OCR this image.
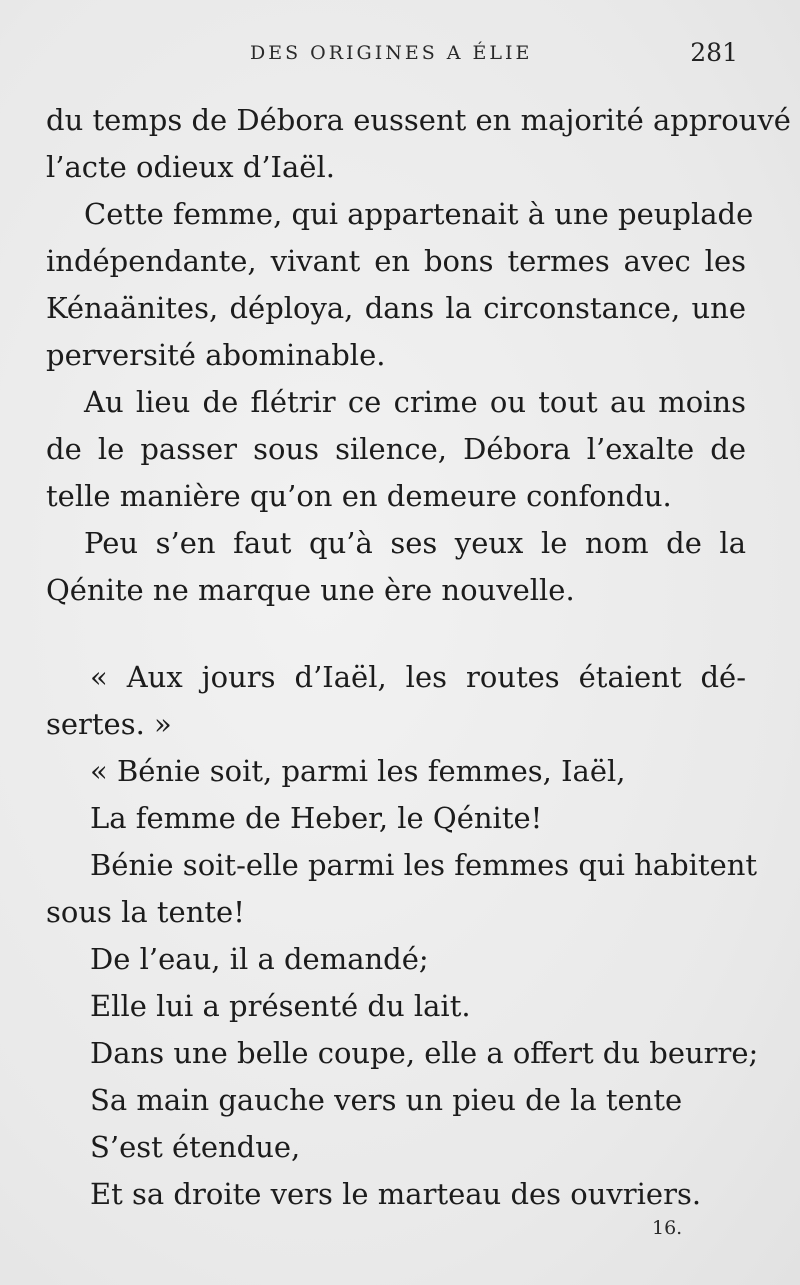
DES ORIGINES A ÉLIE	281
du temps de Débora eussent en majorité approuvé
l’acte odieux d’Iaël.
Cette femme, qui appartenait à une peuplade
indépendante, vivant en bons termes avec les
Kénaänites, déploya, dans la circonstance, une
perversité abominable.
Au lieu de flétrir ce crime ou tout au moins
de le passer sous silence, Débora l’exalte de
telle manière qu’on en demeure confondu.
Peu s’en faut qu’à ses yeux le nom de la
Qénite ne marque une ère nouvelle.
« Aux jours d’Iaël, les routes étaient dé-
sertes. »
« Bénie soit, parmi les femmes, Iaël,
La femme de Heber, le Qénite!
Bénie soit-elle parmi les femmes qui habitent
sous la tente!
De l’eau, il a demandé;
Elle lui a présenté du lait.
Dans une belle coupe, elle a offert du beurre;
Sa main gauche vers un pieu de la tente
S’est étendue,
Et sa droite vers le marteau des ouvriers.
16.
